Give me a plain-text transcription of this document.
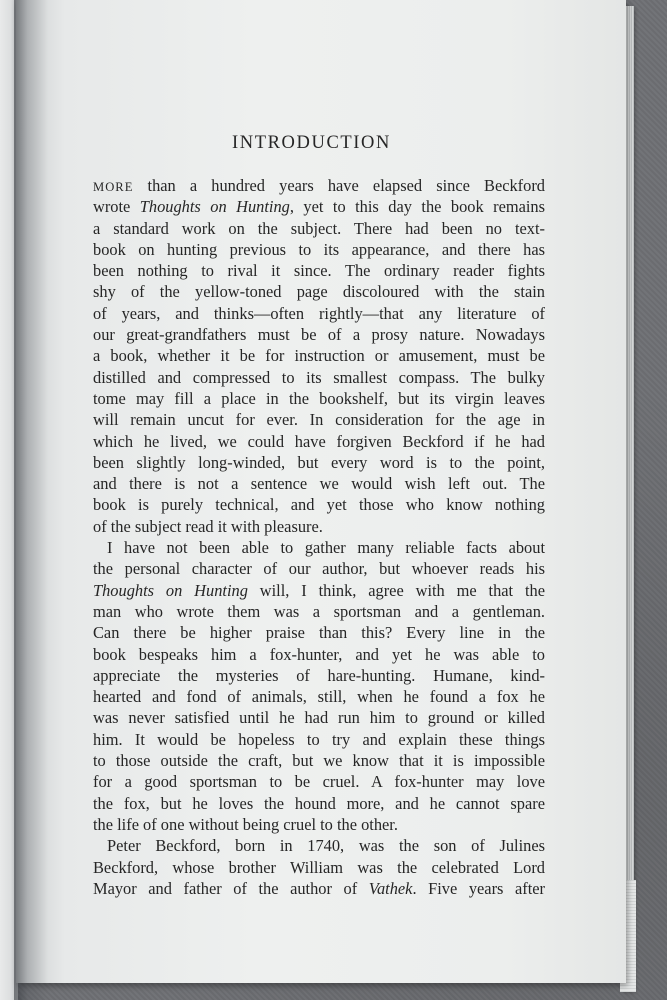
INTRODUCTION
MORE than a hundred years have elapsed since Beckford
wrote Thoughts on Hunting, yet to this day the book remains
a standard work on the subject. There had been no text-
book on hunting previous to its appearance, and there has
been nothing to rival it since. The ordinary reader fights
shy of the yellow-toned page discoloured with the stain
of years, and thinks—often rightly—that any literature of
our great-grandfathers must be of a prosy nature. Nowadays
a book, whether it be for instruction or amusement, must be
distilled and compressed to its smallest compass. The bulky
tome may fill a place in the bookshelf, but its virgin leaves
will remain uncut for ever. In consideration for the age in
which he lived, we could have forgiven Beckford if he had
been slightly long-winded, but every word is to the point,
and there is not a sentence we would wish left out. The
book is purely technical, and yet those who know nothing
of the subject read it with pleasure.
I have not been able to gather many reliable facts about
the personal character of our author, but whoever reads his
Thoughts on Hunting will, I think, agree with me that the
man who wrote them was a sportsman and a gentleman.
Can there be higher praise than this? Every line in the
book bespeaks him a fox-hunter, and yet he was able to
appreciate the mysteries of hare-hunting. Humane, kind-
hearted and fond of animals, still, when he found a fox he
was never satisfied until he had run him to ground or killed
him. It would be hopeless to try and explain these things
to those outside the craft, but we know that it is impossible
for a good sportsman to be cruel. A fox-hunter may love
the fox, but he loves the hound more, and he cannot spare
the life of one without being cruel to the other.
Peter Beckford, born in 1740, was the son of Julines
Beckford, whose brother William was the celebrated Lord
Mayor and father of the author of Vathek. Five years after
